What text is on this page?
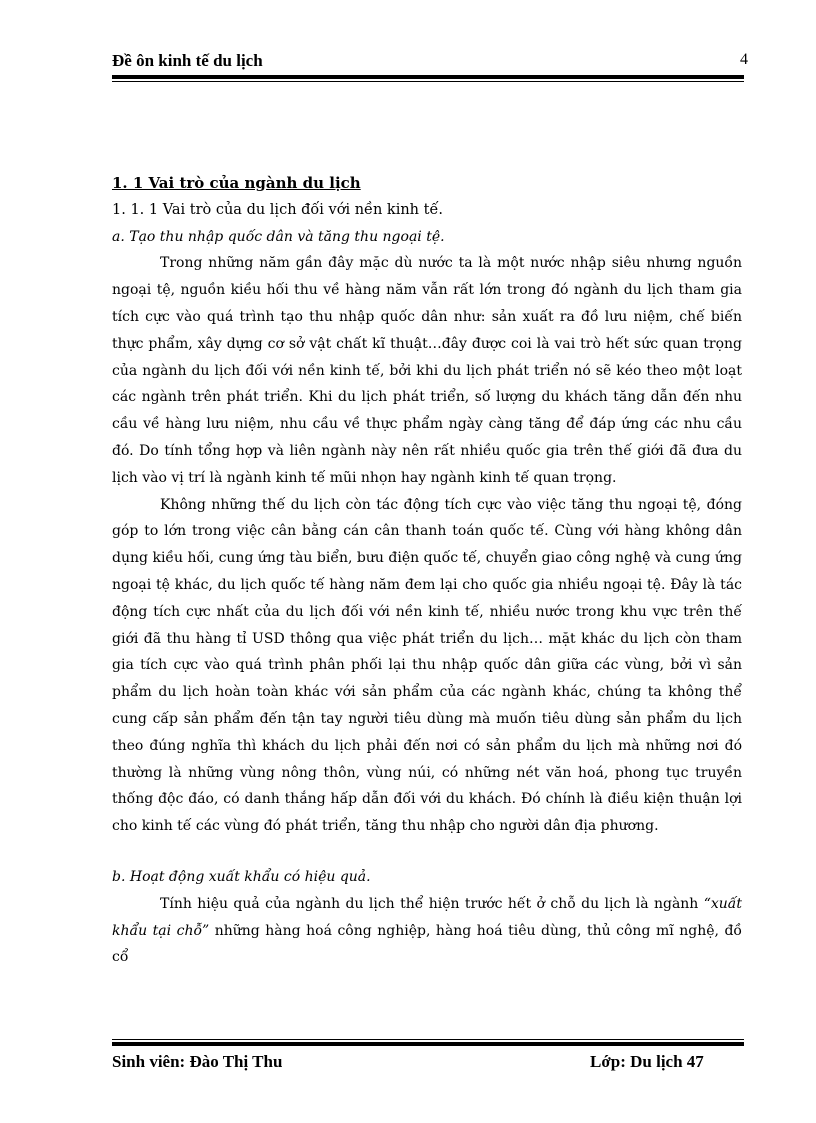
Đề ôn kinh tế du lịch	4

1. 1 Vai trò của ngành du lịch

1. 1. 1 Vai trò của du lịch đối với nền kinh tế.

a. Tạo thu nhập quốc dân và tăng thu ngoại tệ.

Trong những năm gần đây mặc dù nước ta là một nước nhập siêu nhưng nguồn ngoại tệ, nguồn kiều hối thu về hàng năm vẫn rất lớn trong đó ngành du lịch tham gia tích cực vào quá trình tạo thu nhập quốc dân như: sản xuất ra đồ lưu niệm, chế biến thực phẩm, xây dựng cơ sở vật chất kĩ thuật…đây được coi là vai trò hết sức quan trọng của ngành du lịch đối với nền kinh tế, bởi khi du lịch phát triển nó sẽ kéo theo một loạt các ngành trên phát triển. Khi du lịch phát triển, số lượng du khách tăng dẫn đến nhu cầu về hàng lưu niệm, nhu cầu về thực phẩm ngày càng tăng để đáp ứng các nhu cầu đó. Do tính tổng hợp và liên ngành này nên rất nhiều quốc gia trên thế giới đã đưa du lịch vào vị trí là ngành kinh tế mũi nhọn hay ngành kinh tế quan trọng.

Không những thế du lịch còn tác động tích cực vào việc tăng thu ngoại tệ, đóng góp to lớn trong việc cân bằng cán cân thanh toán quốc tế. Cùng với hàng không dân dụng kiều hối, cung ứng tàu biển, bưu điện quốc tế, chuyển giao công nghệ và cung ứng ngoại tệ khác, du lịch quốc tế hàng năm đem lại cho quốc gia nhiều ngoại tệ. Đây là tác động tích cực nhất của du lịch đối với nền kinh tế, nhiều nước trong khu vực trên thế giới đã thu hàng tỉ USD thông qua việc phát triển du lịch… mặt khác du lịch còn tham gia tích cực vào quá trình phân phối lại thu nhập quốc dân giữa các vùng, bởi vì sản phẩm du lịch hoàn toàn khác với sản phẩm của các ngành khác, chúng ta không thể cung cấp sản phẩm đến tận tay người tiêu dùng mà muốn tiêu dùng sản phẩm du lịch theo đúng nghĩa thì khách du lịch phải đến nơi có sản phẩm du lịch mà những nơi đó thường là những vùng nông thôn, vùng núi, có những nét văn hoá, phong tục truyền thống độc đáo, có danh thắng hấp dẫn đối với du khách. Đó chính là điều kiện thuận lợi cho kinh tế các vùng đó phát triển, tăng thu nhập cho người dân địa phương.

b. Hoạt động xuất khẩu có hiệu quả.

Tính hiệu quả của ngành du lịch thể hiện trước hết ở chỗ du lịch là ngành “xuất khẩu tại chỗ” những hàng hoá công nghiệp, hàng hoá tiêu dùng, thủ công mĩ nghệ, đồ cổ

Sinh viên: Đào Thị Thu	Lớp: Du lịch 47
